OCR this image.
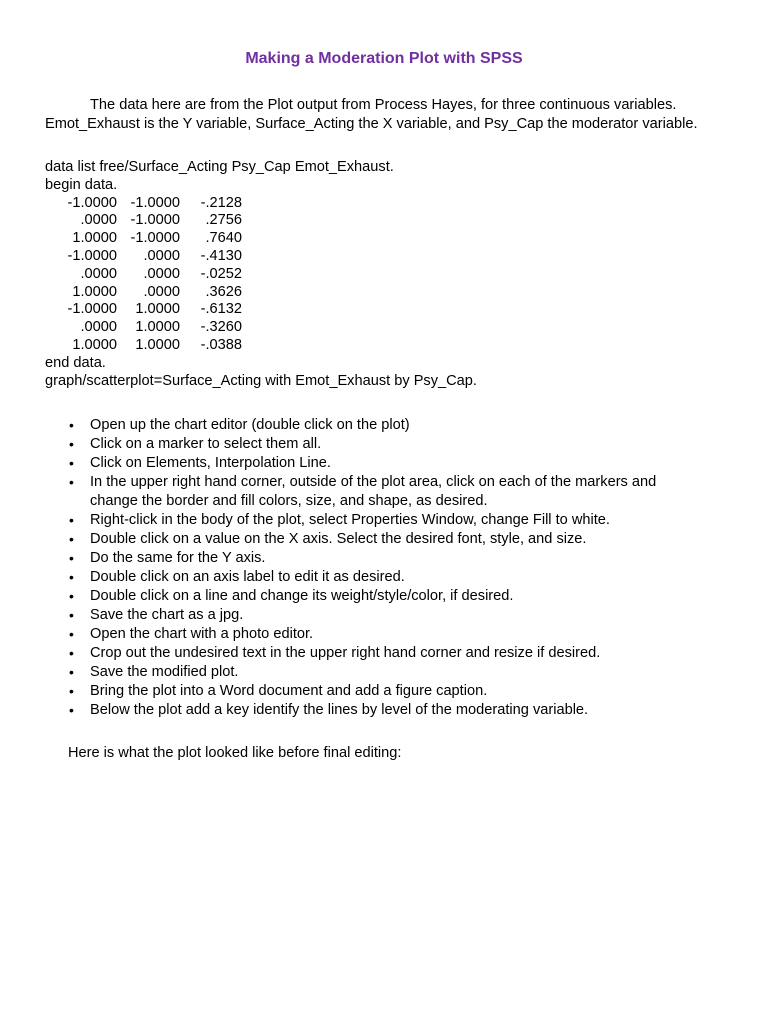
Making a Moderation Plot with SPSS

The data here are from the Plot output from Process Hayes, for three continuous variables.
Emot_Exhaust is the Y variable, Surface_Acting the X variable, and Psy_Cap the moderator variable.

data list free/Surface_Acting Psy_Cap Emot_Exhaust.
begin data.
-1.0000	-1.0000	-.2128
.0000	-1.0000	.2756
1.0000	-1.0000	.7640
-1.0000	.0000	-.4130
.0000	.0000	-.0252
1.0000	.0000	.3626
-1.0000	1.0000	-.6132
.0000	1.0000	-.3260
1.0000	1.0000	-.0388
end data.
graph/scatterplot=Surface_Acting with Emot_Exhaust by Psy_Cap.
• Open up the chart editor (double click on the plot)
• Click on a marker to select them all.
• Click on Elements, Interpolation Line.
• In the upper right hand corner, outside of the plot area, click on each of the markers and change the border and fill colors, size, and shape, as desired.
• Right-click in the body of the plot, select Properties Window, change Fill to white.
• Double click on a value on the X axis. Select the desired font, style, and size.
• Do the same for the Y axis.
• Double click on an axis label to edit it as desired.
• Double click on a line and change its weight/style/color, if desired.
• Save the chart as a jpg.
• Open the chart with a photo editor.
• Crop out the undesired text in the upper right hand corner and resize if desired.
• Save the modified plot.
• Bring the plot into a Word document and add a figure caption.
• Below the plot add a key identify the lines by level of the moderating variable.

Here is what the plot looked like before final editing:
